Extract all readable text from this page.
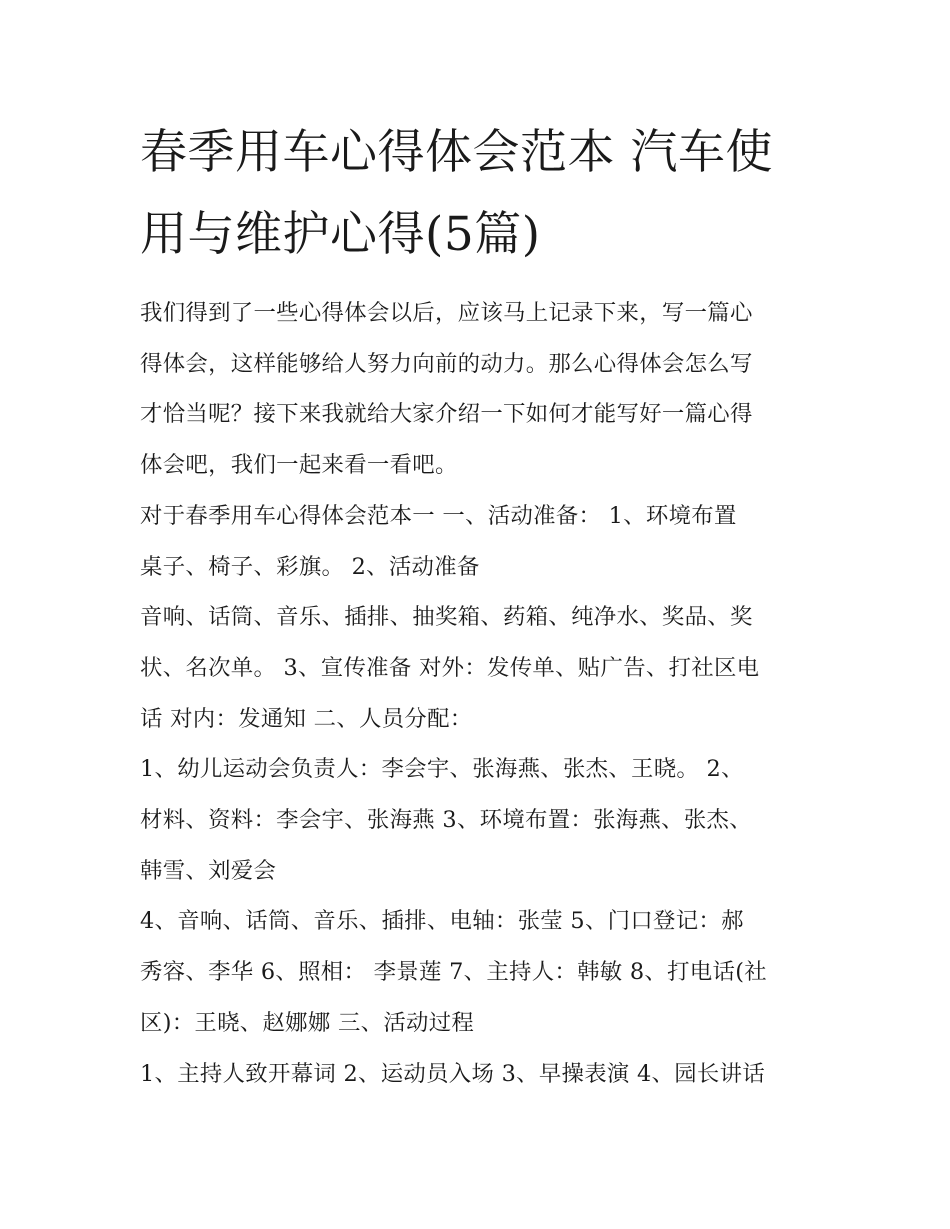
春季用车心得体会范本 汽车使
用与维护心得(5篇)

我们得到了一些心得体会以后，应该马上记录下来，写一篇心
得体会，这样能够给人努力向前的动力。那么心得体会怎么写
才恰当呢？接下来我就给大家介绍一下如何才能写好一篇心得
体会吧，我们一起来看一看吧。

对于春季用车心得体会范本一 一、活动准备： 1、环境布置
桌子、椅子、彩旗。 2、活动准备

音响、话筒、音乐、插排、抽奖箱、药箱、纯净水、奖品、奖
状、名次单。 3、宣传准备 对外：发传单、贴广告、打社区电
话 对内：发通知 二、人员分配：

1、幼儿运动会负责人：李会宇、张海燕、张杰、王晓。 2、
材料、资料：李会宇、张海燕 3、环境布置：张海燕、张杰、
韩雪、刘爱会

4、音响、话筒、音乐、插排、电轴：张莹 5、门口登记：郝
秀容、李华 6、照相： 李景莲 7、主持人：韩敏 8、打电话(社
区)：王晓、赵娜娜 三、活动过程

1、主持人致开幕词 2、运动员入场 3、早操表演 4、园长讲话
